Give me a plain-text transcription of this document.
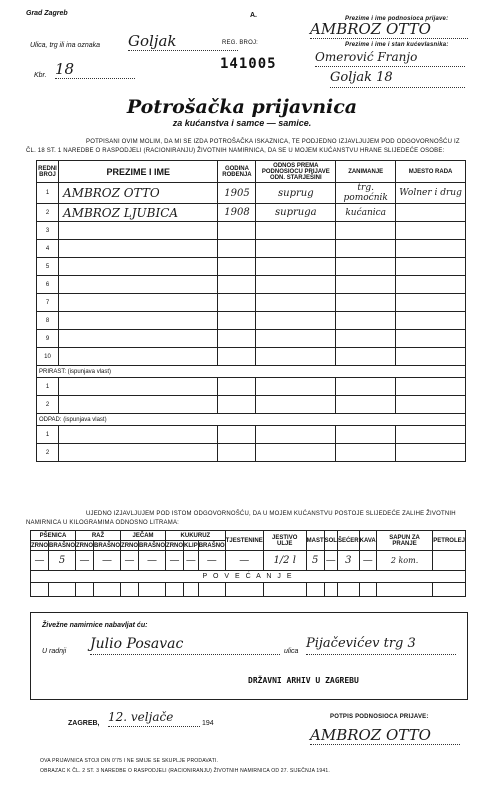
Grad Zagreb	A.
Ulica, trg ili ina oznaka Goljak
Kbr. 18
REG. BROJ:
141005
Prezime i ime podnosioca prijave:
AMBROZ OTTO
Prezime i ime i stan kućevlasnika:
Omerović Franjo
Goljak 18
Potrošačka prijavnica
za kućanstva i samce — samice.
POTPISANI OVIM MOLIM, DA MI SE IZDA POTROŠAČKA ISKAZNICA, TE PODJEDNO IZJAVLJUJEM POD ODGOVORNOŠĆU IZ ČL. 18 ST. 1 NAREDBE O RASPODJELI (RACIONIRANJU) ŽIVOTNIH NAMIRNICA, DA SE U MOJEM KUĆANSTVU HRANE SLIJEDEĆE OSOBE:
REDNI BROJ	PREZIME I IME	GODINA ROĐENJA	ODNOS PREMA PODNOSIOCU PRIJAVE ODN. STARJEŠINI	ZANIMANJE	MJESTO RADA
1	AMBROZ OTTO	1905	suprug	trg. pomoćnik	Wolner i drug
2	AMBROZ LJUBICA	1908	supruga	kućanica	
3					
4					
5					
6					
7					
8					
9					
10					
PRIRAST: (ispunjava vlast)					
1					
2					
ODPAD: (ispunjava vlast)					
1					
2					
UJEDNO IZJAVLJUJEM POD ISTOM ODGOVORNOŠĆU, DA U MOJEM KUĆANSTVU POSTOJE SLIJEDEĆE ZALIHE ŽIVOTNIH NAMIRNICA U KILOGRAMIMA ODNOSNO LITRAMA:
PŠENICA		RAŽ		JEČAM		KUKURUZ			TJESTENINE	JESTIVO ULJE	MAST	SOL	ŠEĆER	KAVA	SAPUN ZA PRANJE	PETROLEJ
ZRNO	BRAŠNO	ZRNO	BRAŠNO	ZRNO	BRAŠNO	ZRNO	KLIP	BRAŠNO								
—	5	—	—	—	—	—	—	—	—	1/2 l	5	—	3	—	2 kom.	
P O V E Ć A N J E																

Živežne namirnice nabavljat ću:
U radnji Julio Posavac	ulica
Pijačevićev trg 3
DRŽAVNI ARHIV U ZAGREBU
ZAGREB, 12. veljače	194
POTPIS PODNOSIOCA PRIJAVE:
AMBROZ OTTO
OVA PRIJAVNICA STOJI DIN 0'75 I NE SMIJE SE SKUPLJE PRODAVATI.
OBRAZAC K ČL. 2 ST. 3 NAREDBE O RASPODJELI (RACIONIRANJU) ŽIVOTNIH NAMIRNICA OD 27. SIJEČNJA 1941.
